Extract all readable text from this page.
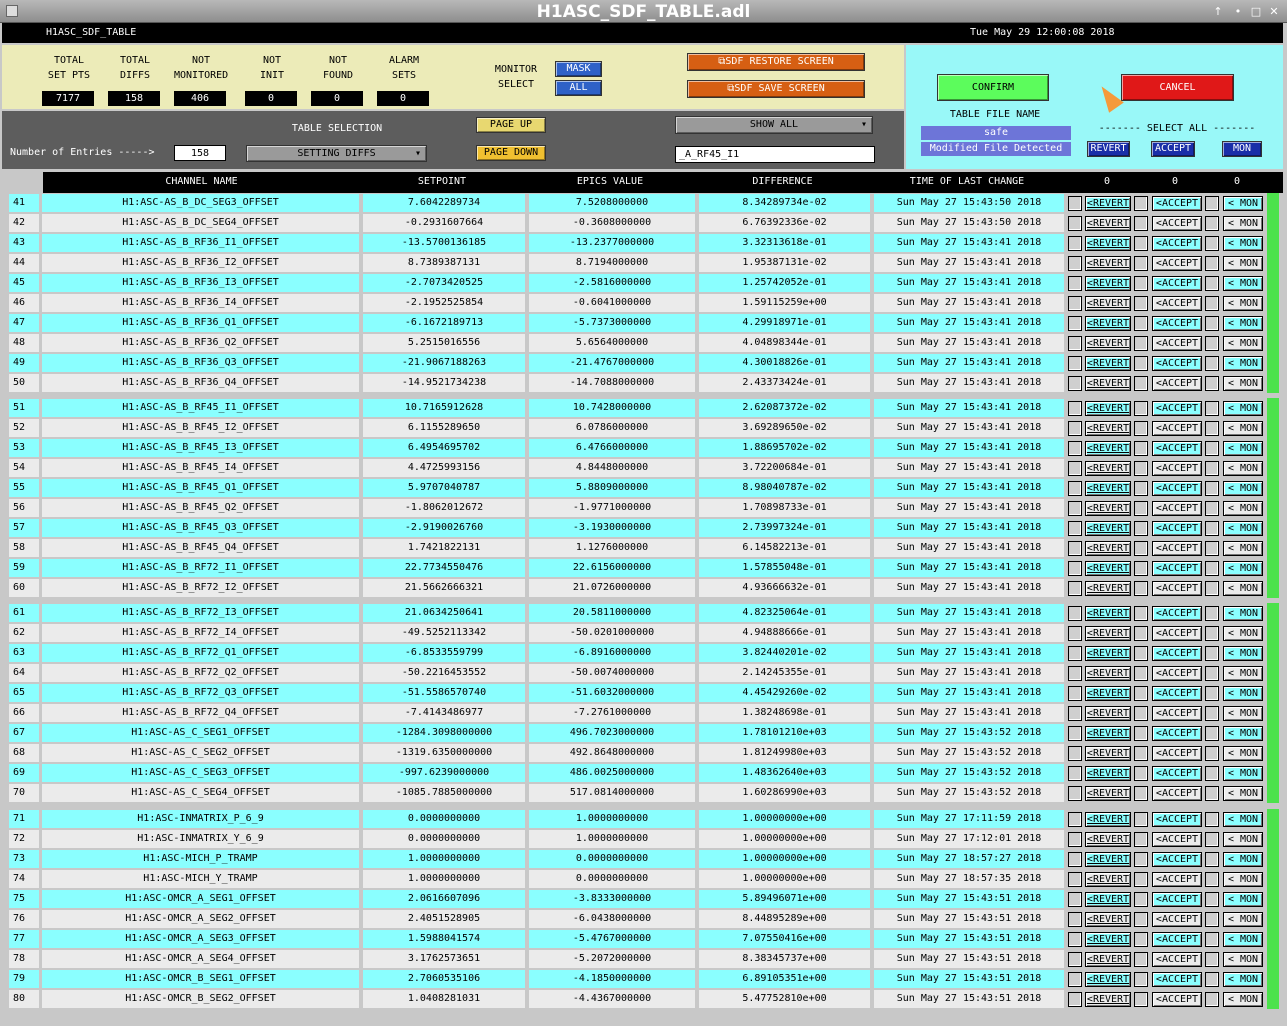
H1ASC_SDF_TABLE.adl	↑	• □ ✕
H1ASC_SDF_TABLE	Tue May 29 12:00:08 2018
TOTAL
SET PTS
7177
TOTAL
DIFFS
158
NOT
MONITORED
406
NOT
INIT
0
NOT
FOUND
0
ALARM
SETS
0
MONITOR
SELECT
MASK
ALL
⧉SDF RESTORE SCREEN
⧉SDF SAVE SCREEN
Number of Entries ----->	158
TABLE SELECTION
SETTING DIFFS	▾
PAGE UP
PAGE DOWN
SHOW ALL	▾
_A_RF45_I1
CONFIRM	CANCEL
TABLE FILE NAME
safe
Modified File Detected
------- SELECT ALL -------
REVERT	ACCEPT	MON
CHANNEL NAME	SETPOINT	EPICS VALUE	DIFFERENCE	TIME OF LAST CHANGE	0	0	0
41	H1:ASC-AS_B_DC_SEG3_OFFSET	7.6042289734	7.5208000000	8.34289734e-02	Sun May 27 15:43:50 2018	<REVERT	<ACCEPT	< MON
42	H1:ASC-AS_B_DC_SEG4_OFFSET	-0.2931607664	-0.3608000000	6.76392336e-02	Sun May 27 15:43:50 2018	<REVERT	<ACCEPT	< MON
43	H1:ASC-AS_B_RF36_I1_OFFSET	-13.5700136185	-13.2377000000	3.32313618e-01	Sun May 27 15:43:41 2018	<REVERT	<ACCEPT	< MON
44	H1:ASC-AS_B_RF36_I2_OFFSET	8.7389387131	8.7194000000	1.95387131e-02	Sun May 27 15:43:41 2018	<REVERT	<ACCEPT	< MON
45	H1:ASC-AS_B_RF36_I3_OFFSET	-2.7073420525	-2.5816000000	1.25742052e-01	Sun May 27 15:43:41 2018	<REVERT	<ACCEPT	< MON
46	H1:ASC-AS_B_RF36_I4_OFFSET	-2.1952525854	-0.6041000000	1.59115259e+00	Sun May 27 15:43:41 2018	<REVERT	<ACCEPT	< MON
47	H1:ASC-AS_B_RF36_Q1_OFFSET	-6.1672189713	-5.7373000000	4.29918971e-01	Sun May 27 15:43:41 2018	<REVERT	<ACCEPT	< MON
48	H1:ASC-AS_B_RF36_Q2_OFFSET	5.2515016556	5.6564000000	4.04898344e-01	Sun May 27 15:43:41 2018	<REVERT	<ACCEPT	< MON
49	H1:ASC-AS_B_RF36_Q3_OFFSET	-21.9067188263	-21.4767000000	4.30018826e-01	Sun May 27 15:43:41 2018	<REVERT	<ACCEPT	< MON
50	H1:ASC-AS_B_RF36_Q4_OFFSET	-14.9521734238	-14.7088000000	2.43373424e-01	Sun May 27 15:43:41 2018	<REVERT	<ACCEPT	< MON
51	H1:ASC-AS_B_RF45_I1_OFFSET	10.7165912628	10.7428000000	2.62087372e-02	Sun May 27 15:43:41 2018	<REVERT	<ACCEPT	< MON
52	H1:ASC-AS_B_RF45_I2_OFFSET	6.1155289650	6.0786000000	3.69289650e-02	Sun May 27 15:43:41 2018	<REVERT	<ACCEPT	< MON
53	H1:ASC-AS_B_RF45_I3_OFFSET	6.4954695702	6.4766000000	1.88695702e-02	Sun May 27 15:43:41 2018	<REVERT	<ACCEPT	< MON
54	H1:ASC-AS_B_RF45_I4_OFFSET	4.4725993156	4.8448000000	3.72200684e-01	Sun May 27 15:43:41 2018	<REVERT	<ACCEPT	< MON
55	H1:ASC-AS_B_RF45_Q1_OFFSET	5.9707040787	5.8809000000	8.98040787e-02	Sun May 27 15:43:41 2018	<REVERT	<ACCEPT	< MON
56	H1:ASC-AS_B_RF45_Q2_OFFSET	-1.8062012672	-1.9771000000	1.70898733e-01	Sun May 27 15:43:41 2018	<REVERT	<ACCEPT	< MON
57	H1:ASC-AS_B_RF45_Q3_OFFSET	-2.9190026760	-3.1930000000	2.73997324e-01	Sun May 27 15:43:41 2018	<REVERT	<ACCEPT	< MON
58	H1:ASC-AS_B_RF45_Q4_OFFSET	1.7421822131	1.1276000000	6.14582213e-01	Sun May 27 15:43:41 2018	<REVERT	<ACCEPT	< MON
59	H1:ASC-AS_B_RF72_I1_OFFSET	22.7734550476	22.6156000000	1.57855048e-01	Sun May 27 15:43:41 2018	<REVERT	<ACCEPT	< MON
60	H1:ASC-AS_B_RF72_I2_OFFSET	21.5662666321	21.0726000000	4.93666632e-01	Sun May 27 15:43:41 2018	<REVERT	<ACCEPT	< MON
61	H1:ASC-AS_B_RF72_I3_OFFSET	21.0634250641	20.5811000000	4.82325064e-01	Sun May 27 15:43:41 2018	<REVERT	<ACCEPT	< MON
62	H1:ASC-AS_B_RF72_I4_OFFSET	-49.5252113342	-50.0201000000	4.94888666e-01	Sun May 27 15:43:41 2018	<REVERT	<ACCEPT	< MON
63	H1:ASC-AS_B_RF72_Q1_OFFSET	-6.8533559799	-6.8916000000	3.82440201e-02	Sun May 27 15:43:41 2018	<REVERT	<ACCEPT	< MON
64	H1:ASC-AS_B_RF72_Q2_OFFSET	-50.2216453552	-50.0074000000	2.14245355e-01	Sun May 27 15:43:41 2018	<REVERT	<ACCEPT	< MON
65	H1:ASC-AS_B_RF72_Q3_OFFSET	-51.5586570740	-51.6032000000	4.45429260e-02	Sun May 27 15:43:41 2018	<REVERT	<ACCEPT	< MON
66	H1:ASC-AS_B_RF72_Q4_OFFSET	-7.4143486977	-7.2761000000	1.38248698e-01	Sun May 27 15:43:41 2018	<REVERT	<ACCEPT	< MON
67	H1:ASC-AS_C_SEG1_OFFSET	-1284.3098000000	496.7023000000	1.78101210e+03	Sun May 27 15:43:52 2018	<REVERT	<ACCEPT	< MON
68	H1:ASC-AS_C_SEG2_OFFSET	-1319.6350000000	492.8648000000	1.81249980e+03	Sun May 27 15:43:52 2018	<REVERT	<ACCEPT	< MON
69	H1:ASC-AS_C_SEG3_OFFSET	-997.6239000000	486.0025000000	1.48362640e+03	Sun May 27 15:43:52 2018	<REVERT	<ACCEPT	< MON
70	H1:ASC-AS_C_SEG4_OFFSET	-1085.7885000000	517.0814000000	1.60286990e+03	Sun May 27 15:43:52 2018	<REVERT	<ACCEPT	< MON
71	H1:ASC-INMATRIX_P_6_9	0.0000000000	1.0000000000	1.00000000e+00	Sun May 27 17:11:59 2018	<REVERT	<ACCEPT	< MON
72	H1:ASC-INMATRIX_Y_6_9	0.0000000000	1.0000000000	1.00000000e+00	Sun May 27 17:12:01 2018	<REVERT	<ACCEPT	< MON
73	H1:ASC-MICH_P_TRAMP	1.0000000000	0.0000000000	1.00000000e+00	Sun May 27 18:57:27 2018	<REVERT	<ACCEPT	< MON
74	H1:ASC-MICH_Y_TRAMP	1.0000000000	0.0000000000	1.00000000e+00	Sun May 27 18:57:35 2018	<REVERT	<ACCEPT	< MON
75	H1:ASC-OMCR_A_SEG1_OFFSET	2.0616607096	-3.8333000000	5.89496071e+00	Sun May 27 15:43:51 2018	<REVERT	<ACCEPT	< MON
76	H1:ASC-OMCR_A_SEG2_OFFSET	2.4051528905	-6.0438000000	8.44895289e+00	Sun May 27 15:43:51 2018	<REVERT	<ACCEPT	< MON
77	H1:ASC-OMCR_A_SEG3_OFFSET	1.5988041574	-5.4767000000	7.07550416e+00	Sun May 27 15:43:51 2018	<REVERT	<ACCEPT	< MON
78	H1:ASC-OMCR_A_SEG4_OFFSET	3.1762573651	-5.2072000000	8.38345737e+00	Sun May 27 15:43:51 2018	<REVERT	<ACCEPT	< MON
79	H1:ASC-OMCR_B_SEG1_OFFSET	2.7060535106	-4.1850000000	6.89105351e+00	Sun May 27 15:43:51 2018	<REVERT	<ACCEPT	< MON
80	H1:ASC-OMCR_B_SEG2_OFFSET	1.0408281031	-4.4367000000	5.47752810e+00	Sun May 27 15:43:51 2018	<REVERT	<ACCEPT	< MON
